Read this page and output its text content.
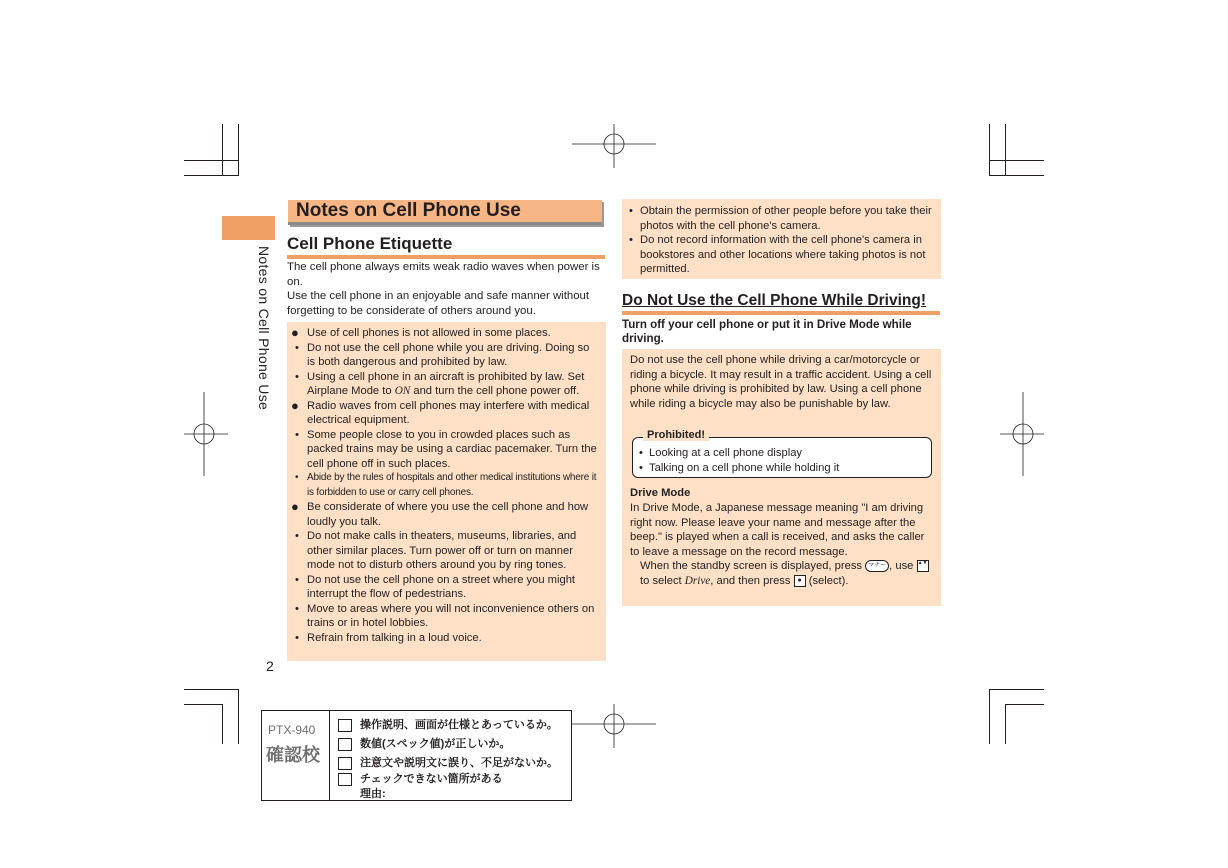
Notes on Cell Phone Use
Notes on Cell Phone Use
Cell Phone Etiquette
The cell phone always emits weak radio waves when power is on.
Use the cell phone in an enjoyable and safe manner without forgetting to be considerate of others around you.
● Use of cell phones is not allowed in some places.
• Do not use the cell phone while you are driving. Doing so is both dangerous and prohibited by law.
• Using a cell phone in an aircraft is prohibited by law. Set Airplane Mode to ON and turn the cell phone power off.
● Radio waves from cell phones may interfere with medical electrical equipment.
• Some people close to you in crowded places such as packed trains may be using a cardiac pacemaker. Turn the cell phone off in such places.
• Abide by the rules of hospitals and other medical institutions where it is forbidden to use or carry cell phones.
● Be considerate of where you use the cell phone and how loudly you talk.
• Do not make calls in theaters, museums, libraries, and other similar places. Turn power off or turn on manner mode not to disturb others around you by ring tones.
• Do not use the cell phone on a street where you might interrupt the flow of pedestrians.
• Move to areas where you will not inconvenience others on trains or in hotel lobbies.
• Refrain from talking in a loud voice.
2
• Obtain the permission of other people before you take their photos with the cell phone's camera.
• Do not record information with the cell phone's camera in bookstores and other locations where taking photos is not permitted.
Do Not Use the Cell Phone While Driving!
Turn off your cell phone or put it in Drive Mode while driving.
Do not use the cell phone while driving a car/motorcycle or riding a bicycle. It may result in a traffic accident. Using a cell phone while driving is prohibited by law. Using a cell phone while riding a bicycle may also be punishable by law.
Prohibited!
• Looking at a cell phone display
• Talking on a cell phone while holding it
Drive Mode
In Drive Mode, a Japanese message meaning "I am driving right now. Please leave your name and message after the beep." is played when a call is received, and asks the caller to leave a message on the record message.
When the standby screen is displayed, press マナー , use ▲▼ to select Drive, and then press ● (select).
PTX-940
確認校
操作説明、画面が仕様とあっているか。
数値(スペック値)が正しいか。
注意文や説明文に誤り、不足がないか。
チェックできない箇所がある
理由:
